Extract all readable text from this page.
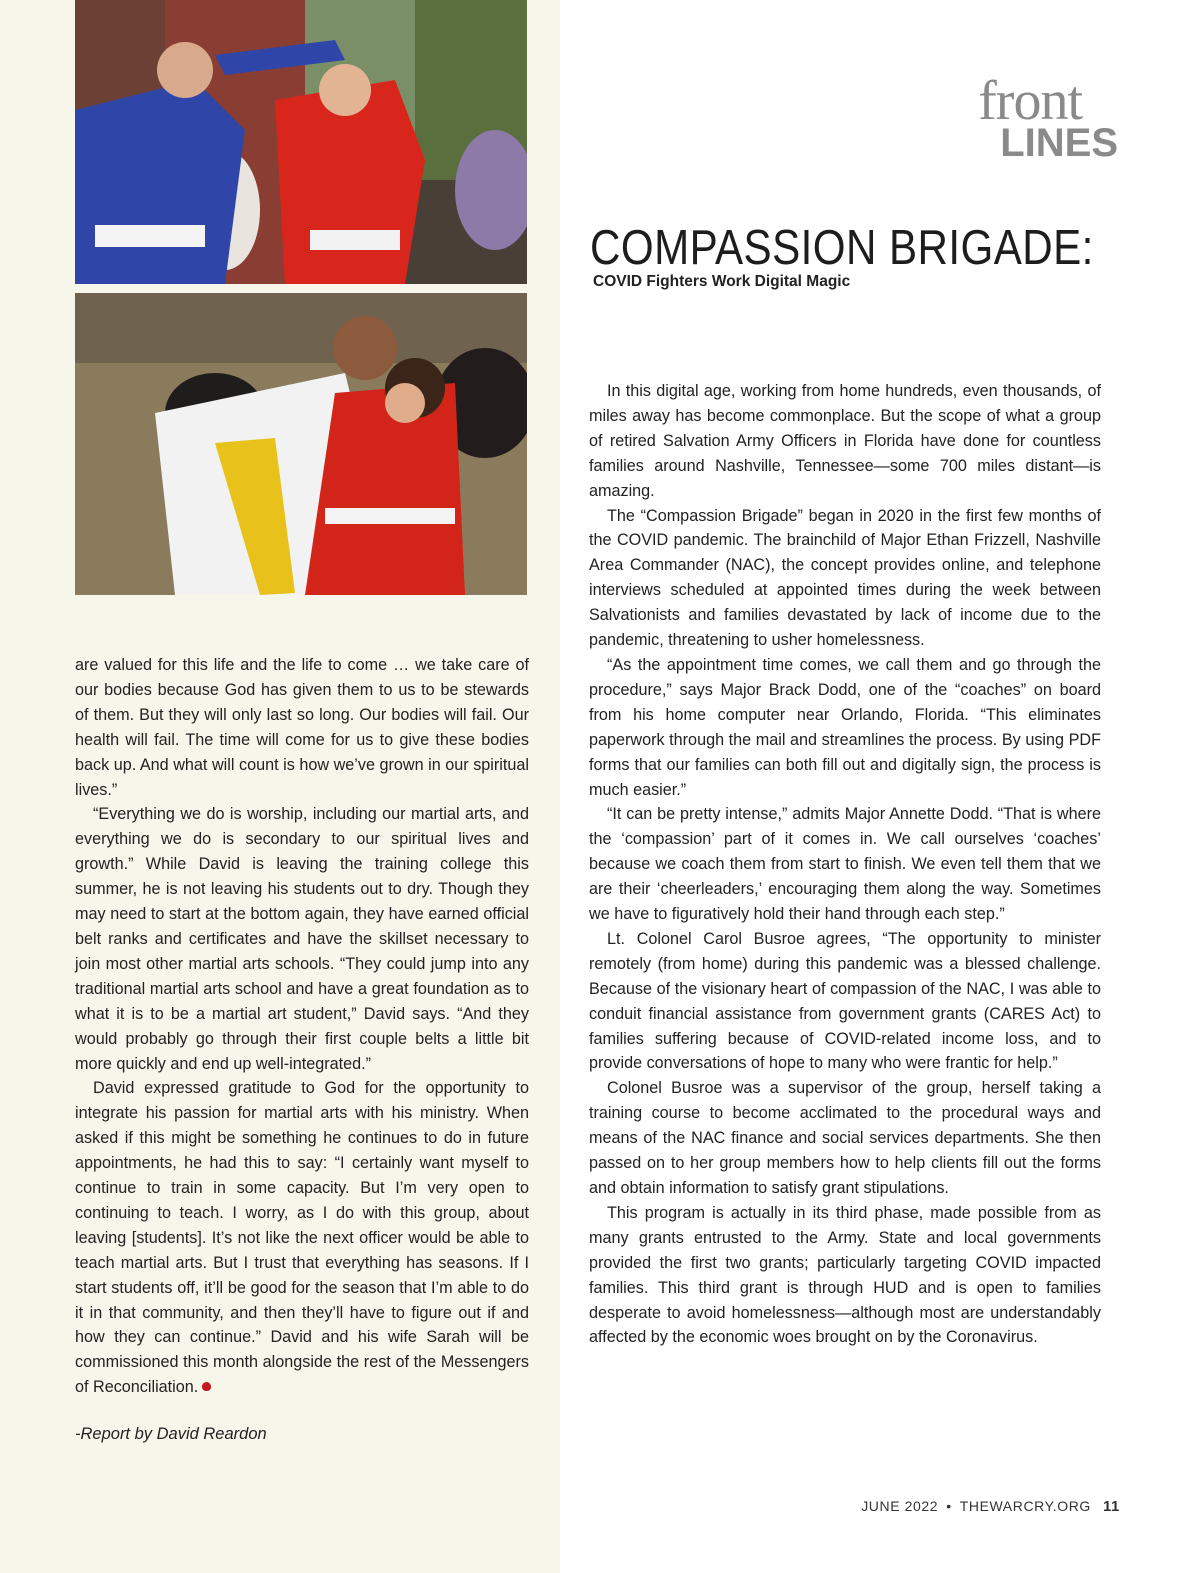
front
LINES
COMPASSION BRIGADE:
COVID Fighters Work Digital Magic

are valued for this life and the life to come … we take care of our bodies because God has given them to us to be stewards of them. But they will only last so long. Our bodies will fail. Our health will fail. The time will come for us to give these bodies back up. And what will count is how we’ve grown in our spiritual lives.”

“Everything we do is worship, including our martial arts, and everything we do is secondary to our spiritual lives and growth.” While David is leaving the training college this summer, he is not leaving his students out to dry. Though they may need to start at the bottom again, they have earned official belt ranks and certificates and have the skillset necessary to join most other martial arts schools. “They could jump into any traditional martial arts school and have a great foundation as to what it is to be a martial art student,” David says. “And they would probably go through their first couple belts a little bit more quickly and end up well-integrated.”

David expressed gratitude to God for the opportunity to integrate his passion for martial arts with his ministry. When asked if this might be something he continues to do in future appointments, he had this to say: “I certainly want myself to continue to train in some capacity. But I’m very open to continuing to teach. I worry, as I do with this group, about leaving [students]. It’s not like the next officer would be able to teach martial arts. But I trust that everything has seasons. If I start students off, it’ll be good for the season that I’m able to do it in that community, and then they’ll have to figure out if and how they can continue.” David and his wife Sarah will be commissioned this month alongside the rest of the Messengers of Reconciliation.

-Report by David Reardon

In this digital age, working from home hundreds, even thousands, of miles away has become commonplace. But the scope of what a group of retired Salvation Army Officers in Florida have done for countless families around Nashville, Tennessee—some 700 miles distant—is amazing.

The “Compassion Brigade” began in 2020 in the first few months of the COVID pandemic. The brainchild of Major Ethan Frizzell, Nashville Area Commander (NAC), the concept provides online, and telephone interviews scheduled at appointed times during the week between Salvationists and families devastated by lack of income due to the pandemic, threatening to usher homelessness.

“As the appointment time comes, we call them and go through the procedure,” says Major Brack Dodd, one of the “coaches” on board from his home computer near Orlando, Florida. “This eliminates paperwork through the mail and streamlines the process. By using PDF forms that our families can both fill out and digitally sign, the process is much easier.”

“It can be pretty intense,” admits Major Annette Dodd. “That is where the ‘compassion’ part of it comes in. We call ourselves ‘coaches’ because we coach them from start to finish. We even tell them that we are their ‘cheerleaders,’ encouraging them along the way. Sometimes we have to figuratively hold their hand through each step.”

Lt. Colonel Carol Busroe agrees, “The opportunity to minister remotely (from home) during this pandemic was a blessed challenge. Because of the visionary heart of compassion of the NAC, I was able to conduit financial assistance from government grants (CARES Act) to families suffering because of COVID-related income loss, and to provide conversations of hope to many who were frantic for help.”

Colonel Busroe was a supervisor of the group, herself taking a training course to become acclimated to the procedural ways and means of the NAC finance and social services departments. She then passed on to her group members how to help clients fill out the forms and obtain information to satisfy grant stipulations.

This program is actually in its third phase, made possible from as many grants entrusted to the Army. State and local governments provided the first two grants; particularly targeting COVID impacted families. This third grant is through HUD and is open to families desperate to avoid homelessness—although most are understandably affected by the economic woes brought on by the Coronavirus.

JUNE 2022 • THEWARCRY.ORG 11
